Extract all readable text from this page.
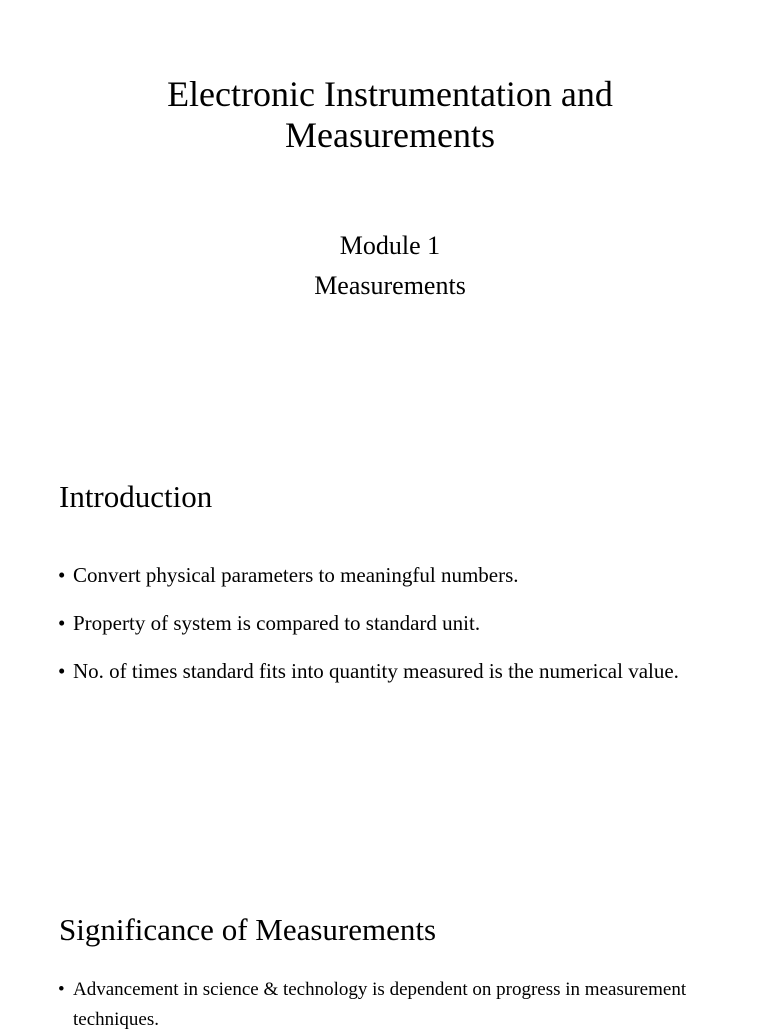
Electronic Instrumentation and Measurements
Module 1
Measurements
Introduction
• Convert physical parameters to meaningful numbers.
• Property of system is compared to standard unit.
• No. of times standard fits into quantity measured is the numerical value.
Significance of Measurements
• Advancement in science & technology is dependent on progress in measurement techniques.
